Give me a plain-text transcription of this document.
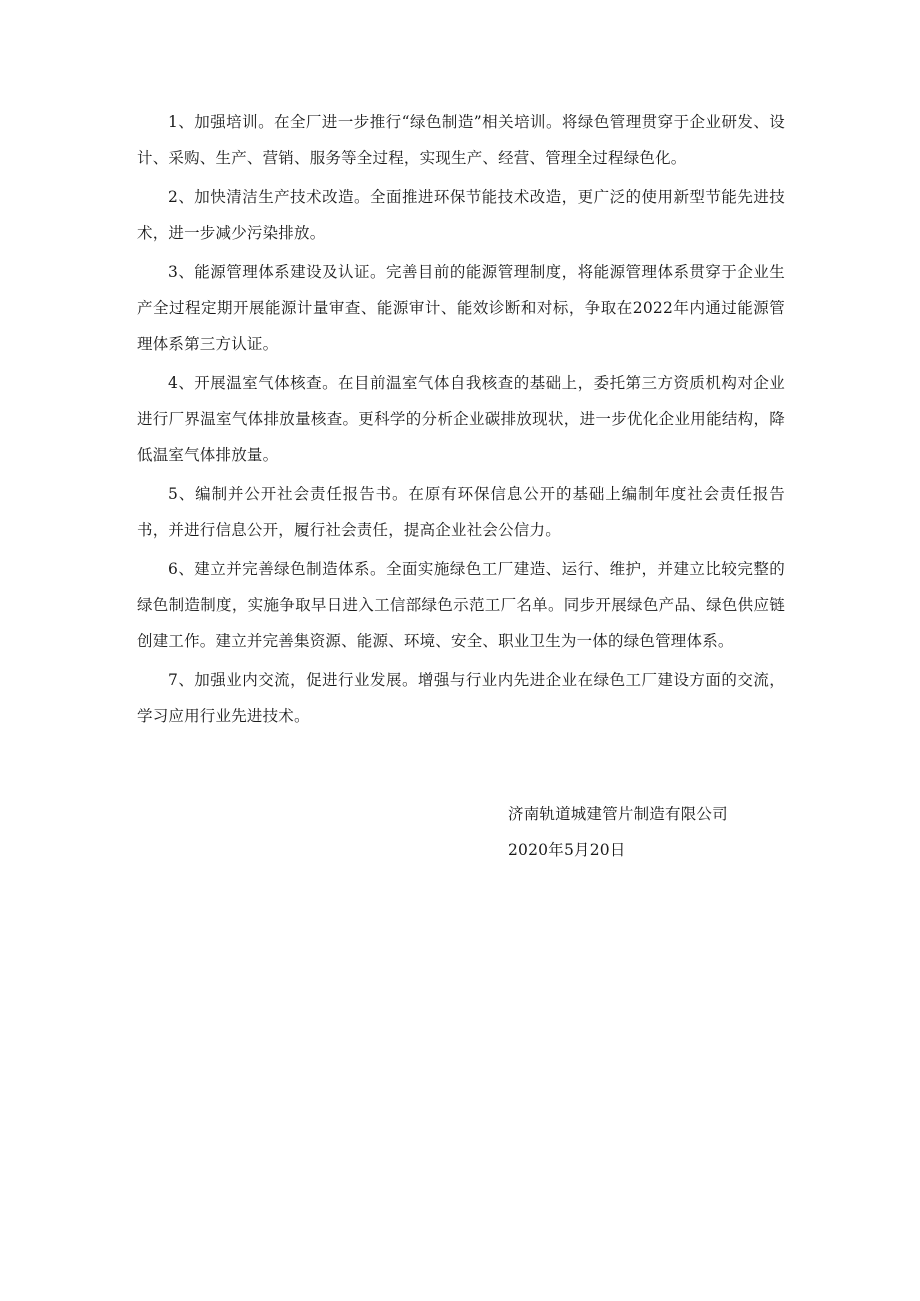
1、加强培训。在全厂进一步推行“绿色制造”相关培训。将绿色管理贯穿于企业研发、设计、采购、生产、营销、服务等全过程，实现生产、经营、管理全过程绿色化。

2、加快清洁生产技术改造。全面推进环保节能技术改造，更广泛的使用新型节能先进技术，进一步减少污染排放。

3、能源管理体系建设及认证。完善目前的能源管理制度，将能源管理体系贯穿于企业生产全过程定期开展能源计量审查、能源审计、能效诊断和对标，争取在2022年内通过能源管理体系第三方认证。

4、开展温室气体核查。在目前温室气体自我核查的基础上，委托第三方资质机构对企业进行厂界温室气体排放量核查。更科学的分析企业碳排放现状，进一步优化企业用能结构，降低温室气体排放量。

5、编制并公开社会责任报告书。在原有环保信息公开的基础上编制年度社会责任报告书，并进行信息公开，履行社会责任，提高企业社会公信力。

6、建立并完善绿色制造体系。全面实施绿色工厂建造、运行、维护，并建立比较完整的绿色制造制度，实施争取早日进入工信部绿色示范工厂名单。同步开展绿色产品、绿色供应链创建工作。建立并完善集资源、能源、环境、安全、职业卫生为一体的绿色管理体系。

7、加强业内交流，促进行业发展。增强与行业内先进企业在绿色工厂建设方面的交流，学习应用行业先进技术。

济南轨道城建管片制造有限公司

2020年5月20日
